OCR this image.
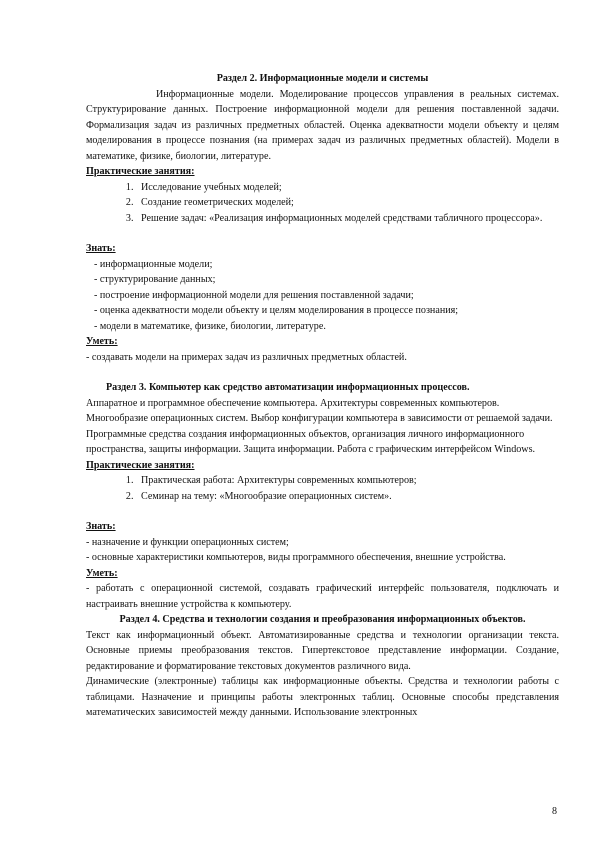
Раздел 2. Информационные модели и системы

Информационные модели. Моделирование процессов управления в реальных системах. Структурирование данных. Построение информационной модели для решения поставленной задачи. Формализация задач из различных предметных областей. Оценка адекватности модели объекту и целям моделирования в процессе познания (на примерах задач из различных предметных областей). Модели в математике, физике, биологии, литературе.

Практические занятия:

1. Исследование учебных моделей;
2. Создание геометрических моделей;
3. Решение задач: «Реализация информационных моделей средствами табличного процессора».

Знать:

- информационные модели;

- структурирование данных;

- построение информационной модели для решения поставленной задачи;

- оценка адекватности модели объекту и целям моделирования в процессе познания;

- модели в математике, физике, биологии, литературе.

Уметь:

- создавать модели на примерах задач из различных предметных областей.

Раздел 3. Компьютер как средство автоматизации информационных процессов.

Аппаратное и программное обеспечение компьютера. Архитектуры современных компьютеров. Многообразие операционных систем. Выбор конфигурации компьютера в зависимости от решаемой задачи. Программные средства создания информационных объектов, организация личного информационного пространства, защиты информации. Защита информации. Работа с графическим интерфейсом Windows.

Практические занятия:

1. Практическая работа: Архитектуры современных компьютеров;
2. Семинар на тему: «Многообразие операционных систем».

Знать:

- назначение и функции операционных систем;

- основные характеристики компьютеров, виды программного обеспечения, внешние устройства.

Уметь:

- работать с операционной системой, создавать графический интерфейс пользователя, подключать и настраивать внешние устройства к компьютеру.

Раздел 4. Средства и технологии создания и преобразования информационных объектов.

Текст как информационный объект. Автоматизированные средства и технологии организации текста. Основные приемы преобразования текстов. Гипертекстовое представление информации. Создание, редактирование и форматирование текстовых документов различного вида.

Динамические (электронные) таблицы как информационные объекты. Средства и технологии работы с таблицами. Назначение и принципы работы электронных таблиц. Основные способы представления математических зависимостей между данными. Использование электронных

8
